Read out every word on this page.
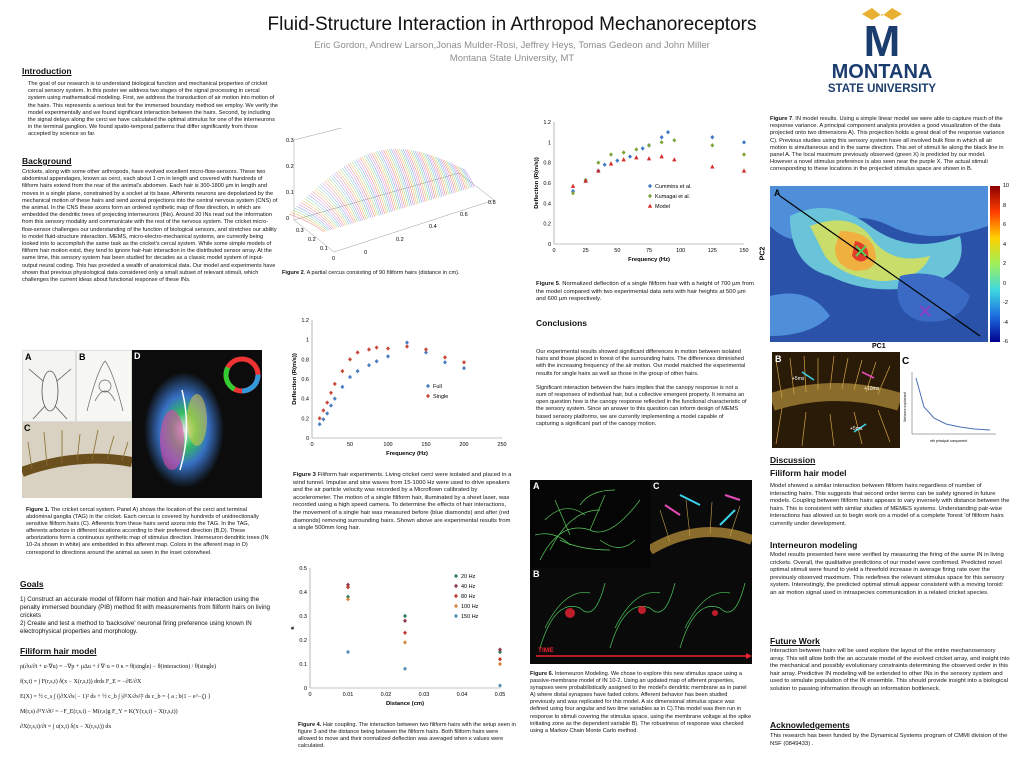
Fluid-Structure Interaction in Arthropod Mechanoreceptors
Eric Gordon, Andrew Larson,Jonas Mulder-Rosi, Jeffrey Heys, Tomas Gedeon and John Miller
Montana State University, MT	M
MONTANA
STATE UNIVERSITY
Introduction
The goal of our research is to understand biological function and mechanical properties of cricket cercal sensory system. In this poster we address two stages of the signal processing in cercal system using mathematical modeling. First, we address the transduction of air motion into motion of the hairs. This represents a serious test for the immersed boundary method we employ. We verify the model experimentally and we found significant interaction between the hairs. Second, by including the signal delays along the cerci we have calculated the optimal stimulus for one of the interneurons in the terminal ganglion. We found spatio-temporal patterns that differ significantly from those accepted by science so far.
Background
Crickets, along with some other arthropods, have evolved excellent micro-flow-sensors. These two abdominal appendages, known as cerci, each about 1 cm in length and covered with hundreds of filiform hairs extend from the rear of the animal's abdomen. Each hair is 300-1800 µm in length and moves in a single plane, constrained by a socket at its base. Afferents neurons are depolarized by the mechanical motion of these hairs and send axonal projections into the central nervous system (CNS) of the animal. In the CNS these axons form an ordered synthetic map of flow direction, in which are embedded the dendritic trees of projecting interneurons (INs). Around 20 INs read out the information from this sensory modality and communicate with the rest of the nervous system. The cricket micro-flow-sensor challenges our understanding of the function of biological sensors, and stretches our ability to model fluid-structure interaction. MEMS, micro-electro-mechanical systems, are currently being looked into to accomplish the same task as the cricket's cercal system. While some simple models of filiform hair motion exist, they tend to ignore hair-hair interaction in the distributed sensor array. At the same time, this sensory system has been studied for decades as a classic model system of input-output neural coding. This has provided a wealth of anatomical data. Our model and experiments have shown that previous physiological data considered only a small subset of relevant stimuli, which challenges the current ideas about functional response of these INs.
A	B	D
C
Figure 1. The cricket cercal system. Panel A) shows the location of the cerci and terminal abdominal ganglia (TAG) in the cricket. Each cercus is covered by hundreds of unidirectionally sensitive filiform hairs (C). Afferents from these hairs send axons into the TAG. In the TAG, afferents arborize in different locations according to their preferred direction (B,D). These arborizations form a continuous synthetic map of stimulus direction. Interneuron dendritic trees (IN 10-2a shown in white) are embedded in this afferent map. Colors in the afferent map in D) correspond to directions around the animal as seen in the inset colorwheel.
Goals
1) Construct an accurate model of filiform hair motion and hair-hair interaction using the penalty immersed boundary (PIB) method fit with measurements from filiform hairs on living crickets
2) Create and test a method to 'backsolve' neuronal firing preference using known IN electrophysical properties and morphology.
Filiform hair model
ρ(∂u/∂t + u·∇u) = −∇p + μΔu + f ∇·u = 0 κ = θ(single) − θ(interaction) / θ(single)
f(x,t) = ∫ F(r,s,t) δ(x − X(r,s,t)) drds F_E = −∂E/∂X
E(X) = ½ c_s ∫ (|∂X/∂s| − 1)² ds + ½ c_b ∫ |∂²X/∂s²|² ds c_b = { a ; b(1 − e^−ζ) }
M(r,s) ∂²Y/∂t² = −F_E(r,s,t) − M(r,s)g F_Y = K(Y(r,s,t) − X(r,s,t))
∂X(r,s,t)/∂t = ∫ u(x,t) δ(x − X(r,s,t)) dx
0.3
0.2
0.1
0
0
0.1
0.2
0.3
0
0.2
0.4
0.6
0.8
Figure 2. A partial cercus consisting of 90 filiform hairs (distance in cm).
0	50	100	150	200	250
0
0.2
0.4
0.6
0.8
1
1.2
Frequency (Hz)
Deflection (R(m/s))	Full
Single
Figure 3 Filiform hair experiments. Living cricket cerci were isolated and placed in a wind tunnel. Impulse and sine waves from 15-1000 Hz were used to drive speakers and the air particle velocity was recorded by a Microflown calibrated by accelerometer. The motion of a single filiform hair, illuminated by a sheet laser, was recorded using a high speed camera. To determine the effects of hair interactions, the movement of a single hair was measured before (blue diamonds) and after (red diamonds) removing surrounding hairs. Shown above are experimental results from a single 500mm long hair.
0	0.01	0.02	0.03	0.04	0.05
0
0.1
0.2
0.3
0.4
0.5
Distance (cm)
κ
20 Hz
40 Hz
80 Hz
100 Hz
150 Hz
Figure 4. Hair coupling. The interaction between two filiform hairs with the setup seen in figure 3 and the distance being between the filiform hairs. Both filiform hairs were allowed to move and their normalized deflection was averaged when κ values were calculated.
0	25	50	75	100	125	150
0
0.2
0.4
0.6
0.8
1
1.2
Frequency (Hz)
Deflection (R(m/s))	Cummins et al.
Kumagai et al.
Model
Figure 5. Normalized deflection of a single filiform hair with a height of 700 µm from the model compared with two experimental data sets with hair heights at 500 µm and 600 µm respectively.
Conclusions
Our experimental results showed significant differences in motion between isolated hairs and those placed in forest of the surrounding hairs. The differences diminished with the increasing frequency of the air motion. Our model matched the experimental results for single hairs as well as those in the group of other hairs.
Significant interaction between the hairs implies that the canopy response is not a sum of responses of individual hair, but a collective emergent property. It remains an open question how is the canopy response reflected in the functional characteristic of the sensory system. Since an answer to this question can inform design of MEMS based sensory platforms, we are currently implementing a model capable of capturing a significant part of the canopy motion.
A	C
TIME
B
Figure 6. Interneuron Modeling. We chose to explore this new stimulus space using a passive-membrane model of IN 10-2. Using an updated map of afferent properties, synapses were probabilistically assigned to the model's dendritic membrane as in panel A) where distal synapses have faded colors. Afferent behavior has been studied previously and was replicated for this model. A six dimensional stimulus space was defined using four angular and two time variables as in C).This model was then run in response to stimuli covering the stimulus space, using the membrane voltage at the spike initiating zone as the dependent variable B). The robustness of response was checked using a Markov Chain Monte Carlo method.
Figure 7. IN model results. Using a simple linear model we were able to capture much of the response variance. A principal component analysis provides a good visualization of the data projected onto two dimensions A). This projection holds a great deal of the response variance C). Previous studies using this sensory system have all involved bulk flow in which all air motion is simultaneous and in the same direction. This set of stimuli lie along the black line in panel A. The local maximum previously observed (green X) is predicted by our model. However a novel stimulus preference is also seen near the purple X. The actual stimuli corresponding to these locations in the projected stimulus space are shown in B.
A
PC2
PC1
10
8
6
4
2
0
-2
-4
-6
+5ms
+10ms
+5ms
B	C
Variance explained
nth principal component
Discussion
Filiform hair model
Model showed a similar interaction between filiform hairs regardless of number of interacting hairs. This suggests that second order terms can be safely ignored in future models. Coupling between filiform hairs appears to vary inversely with distance between the hairs. This is consistent with similar studies of MEMES systems. Understanding pair-wise interactions has allowed us to begin work on a model of a complete 'forest 'of filiform hairs currently under development.
Interneuron modeling
Model results presented here were verified by measuring the firing of the same IN in living crickets. Overall, the qualitative predictions of our model were confirmed. Predicted novel optimal stimuli were found to yield a threefold increase in average firing rate over the previously observed maximum. This redefines the relevant stimulus space for this sensory system. Interestingly, the predicted optimal stimuli appear consistent with a moving toroid: an air motion signal used in intraspecies communication in a related cricket species.
Future Work
Interaction between hairs will be used explore the layout of the entire mechanosensory array. This will allow both the an accurate model of the evolved cricket array, and insight into the mechanical and possibly evolutionary constraints determining the observed order in this hair array. Predictive IN modeling will be extended to other INs in the sensory system and used to simulate population of the IN ensemble. This should provide insight into a biological solution to passing information through an information bottleneck.
Acknowledgements
This research has been funded by the Dynamical Systems program of CMMI division of the NSF (0849433) .
